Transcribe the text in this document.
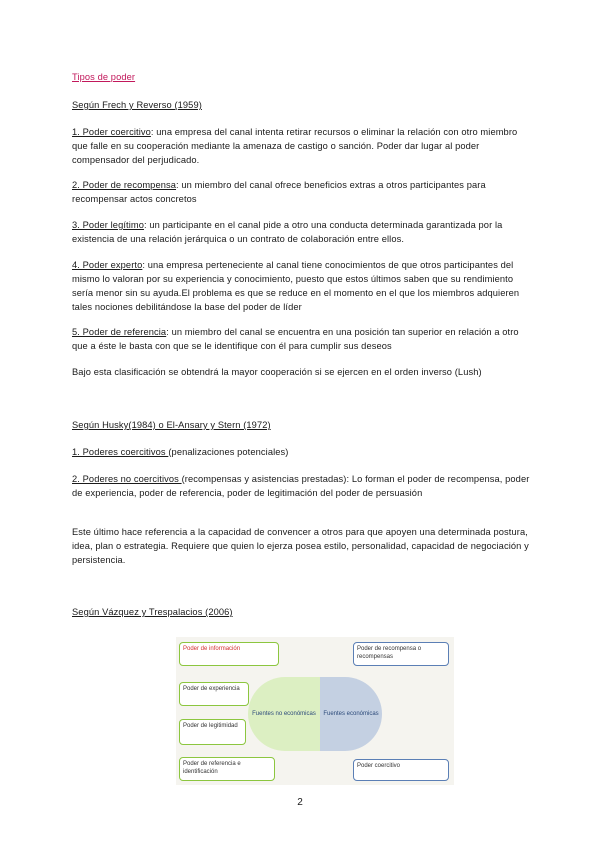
Tipos de poder
Según Frech y Reverso (1959)
1. Poder coercitivo: una empresa del canal intenta retirar recursos o eliminar la relación con otro miembro que falle en su cooperación mediante la amenaza de castigo o sanción. Poder dar lugar al poder compensador del perjudicado.
2. Poder de recompensa: un miembro del canal ofrece beneficios extras a otros participantes para recompensar actos concretos
3. Poder legítimo: un participante en el canal pide a otro una conducta determinada garantizada por la existencia de una relación jerárquica o un contrato de colaboración entre ellos.
4. Poder experto: una empresa perteneciente al canal tiene conocimientos de que otros participantes del mismo lo valoran por su experiencia y conocimiento, puesto que estos últimos saben que su rendimiento sería menor sin su ayuda.El problema es que se reduce en el momento en el que los miembros adquieren tales nociones debilitándose la base del poder de líder
5. Poder de referencia: un miembro del canal se encuentra en una posición tan superior en relación a otro que a éste le basta con que se le identifique con él para cumplir sus deseos
Bajo esta clasificación se obtendrá la mayor cooperación si se ejercen en el orden inverso (Lush)
Según Husky(1984) o El-Ansary y Stern (1972)
1. Poderes coercitivos (penalizaciones potenciales)
2. Poderes no coercitivos (recompensas y asistencias prestadas): Lo forman el poder de recompensa, poder de experiencia, poder de referencia, poder de legitimación del poder de persuasión
Este último hace referencia a la capacidad de convencer a otros para que apoyen una determinada postura, idea, plan o estrategia. Requiere que quien lo ejerza posea estilo, personalidad, capacidad de negociación y persistencia.
Según Vázquez y Trespalacios (2006)
Fuentes no económicas	Fuentes económicas
Poder de información
Poder de experiencia
Poder de legitimidad
Poder de referencia e identificación
Poder de recompensa o recompensas
Poder coercitivo
2
